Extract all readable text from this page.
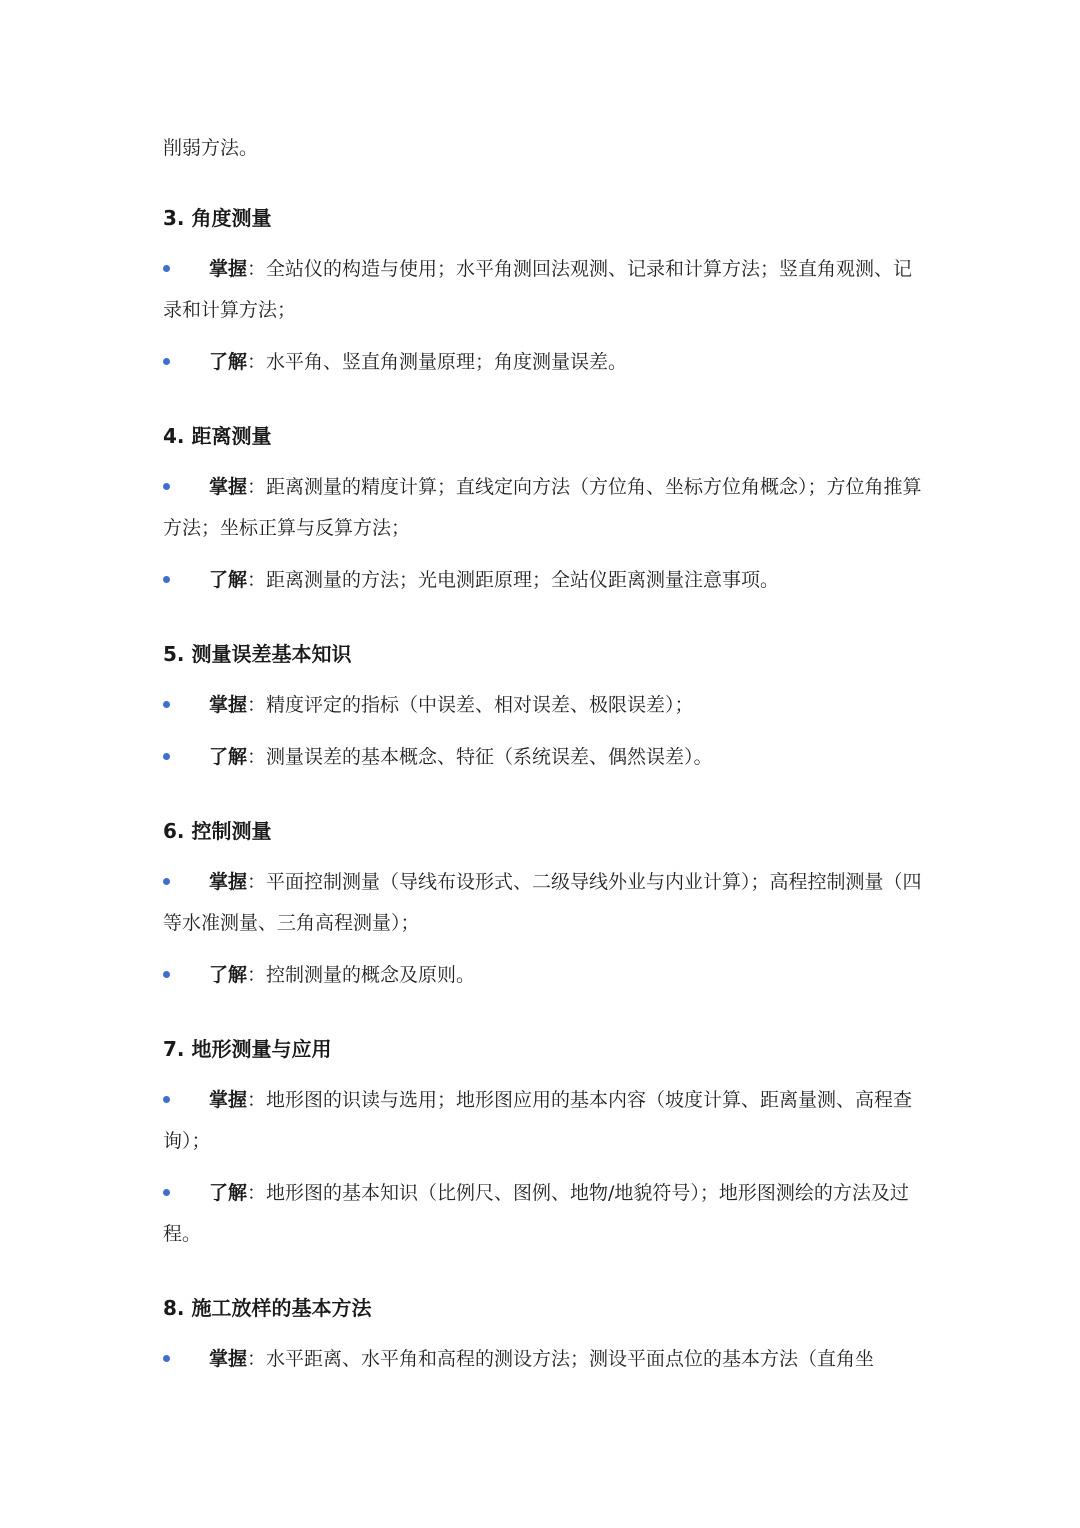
削弱方法。

3. 角度测量

掌握：全站仪的构造与使用；水平角测回法观测、记录和计算方法；竖直角观测、记录和计算方法；

了解：水平角、竖直角测量原理；角度测量误差。

4. 距离测量

掌握：距离测量的精度计算；直线定向方法（方位角、坐标方位角概念）；方位角推算方法；坐标正算与反算方法；

了解：距离测量的方法；光电测距原理；全站仪距离测量注意事项。

5. 测量误差基本知识

掌握：精度评定的指标（中误差、相对误差、极限误差）；

了解：测量误差的基本概念、特征（系统误差、偶然误差）。

6. 控制测量

掌握：平面控制测量（导线布设形式、二级导线外业与内业计算）；高程控制测量（四等水准测量、三角高程测量）；

了解：控制测量的概念及原则。

7. 地形测量与应用

掌握：地形图的识读与选用；地形图应用的基本内容（坡度计算、距离量测、高程查询）；

了解：地形图的基本知识（比例尺、图例、地物/地貌符号）；地形图测绘的方法及过程。

8. 施工放样的基本方法

掌握：水平距离、水平角和高程的测设方法；测设平面点位的基本方法（直角坐
